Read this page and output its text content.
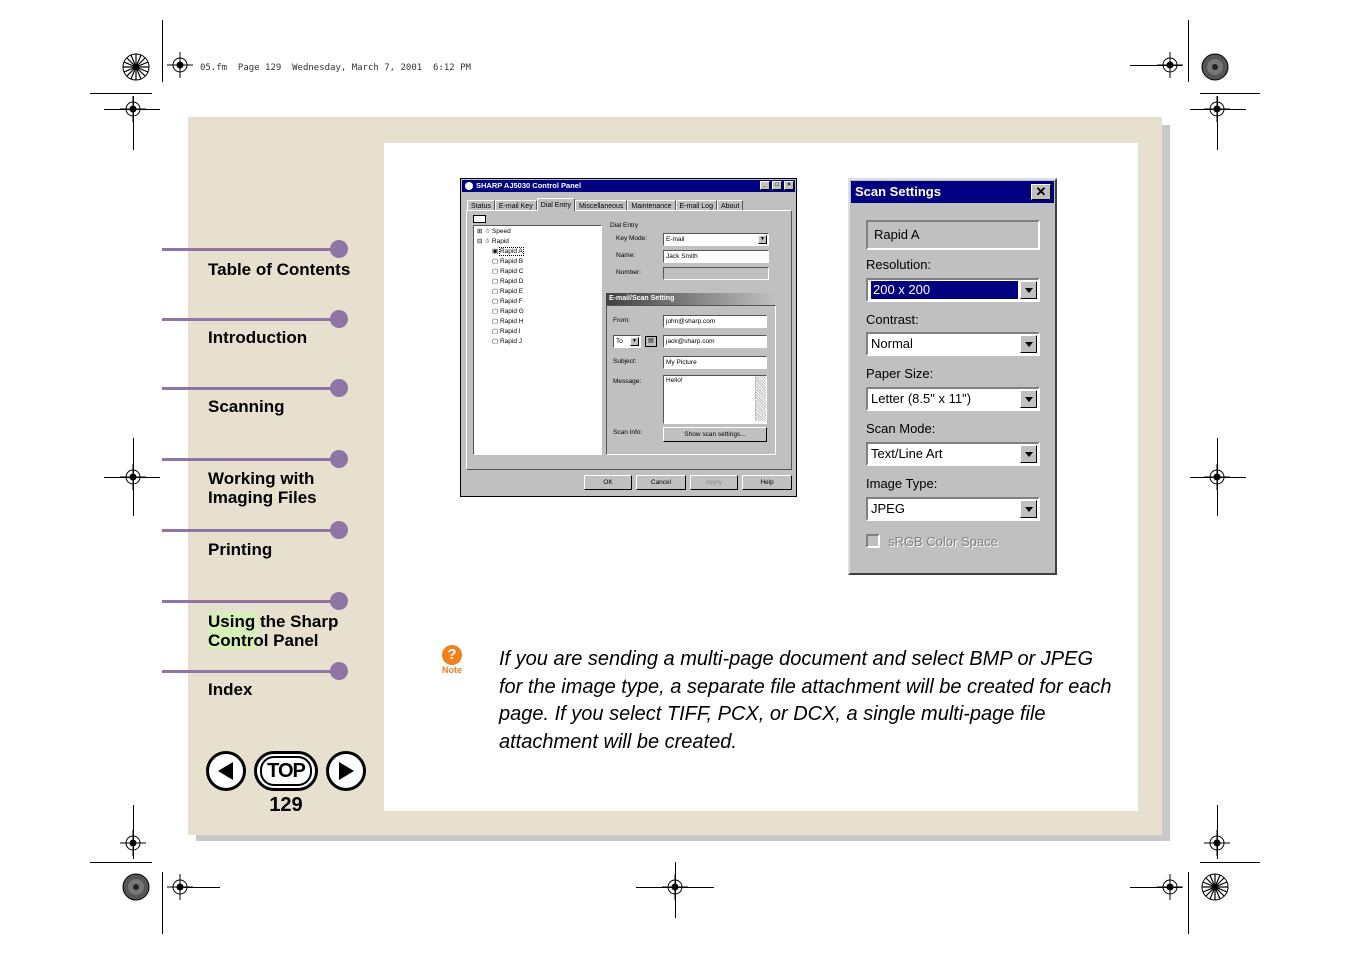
05.fm  Page 129  Wednesday, March 7, 2001  6:12 PM
Table of Contents
Introduction
Scanning
Working with
Imaging Files
Printing
Using the Sharp
Control Panel
Index
TOP
129
SHARP AJ5030 Control Panel	_	□	×
Status	E-mail Key	Dial Entry	Miscellaneous	Maintenance	E-mail Log	About
⊞ ☃ Speed
⊟ ☃ Rapid
▣ Rapid A
▢ Rapid B
▢ Rapid C
▢ Rapid D
▢ Rapid E
▢ Rapid F
▢ Rapid G
▢ Rapid H
▢ Rapid I
▢ Rapid J
Dial Entry
Key Mode:	E-mail	▼
Name:	Jack Smith
Number:
E-mail/Scan Setting
From:	john@sharp.com
To	▼	▤	jack@sharp.com
Subject:	My Picture
Message:	Hello!
Scan Info:	Show scan settings...
OK	Cancel	Apply	Help
Scan Settings	✕
Rapid A
Resolution:
200 x 200
Contrast:
Normal
Paper Size:
Letter (8.5" x 11")
Scan Mode:
Text/Line Art
Image Type:
JPEG
sRGB Color Space
?
Note If you are sending a multi-page document and select BMP or JPEG for the image type, a separate file attachment will be created for each page. If you select TIFF, PCX, or DCX, a single multi-page file attachment will be created.
